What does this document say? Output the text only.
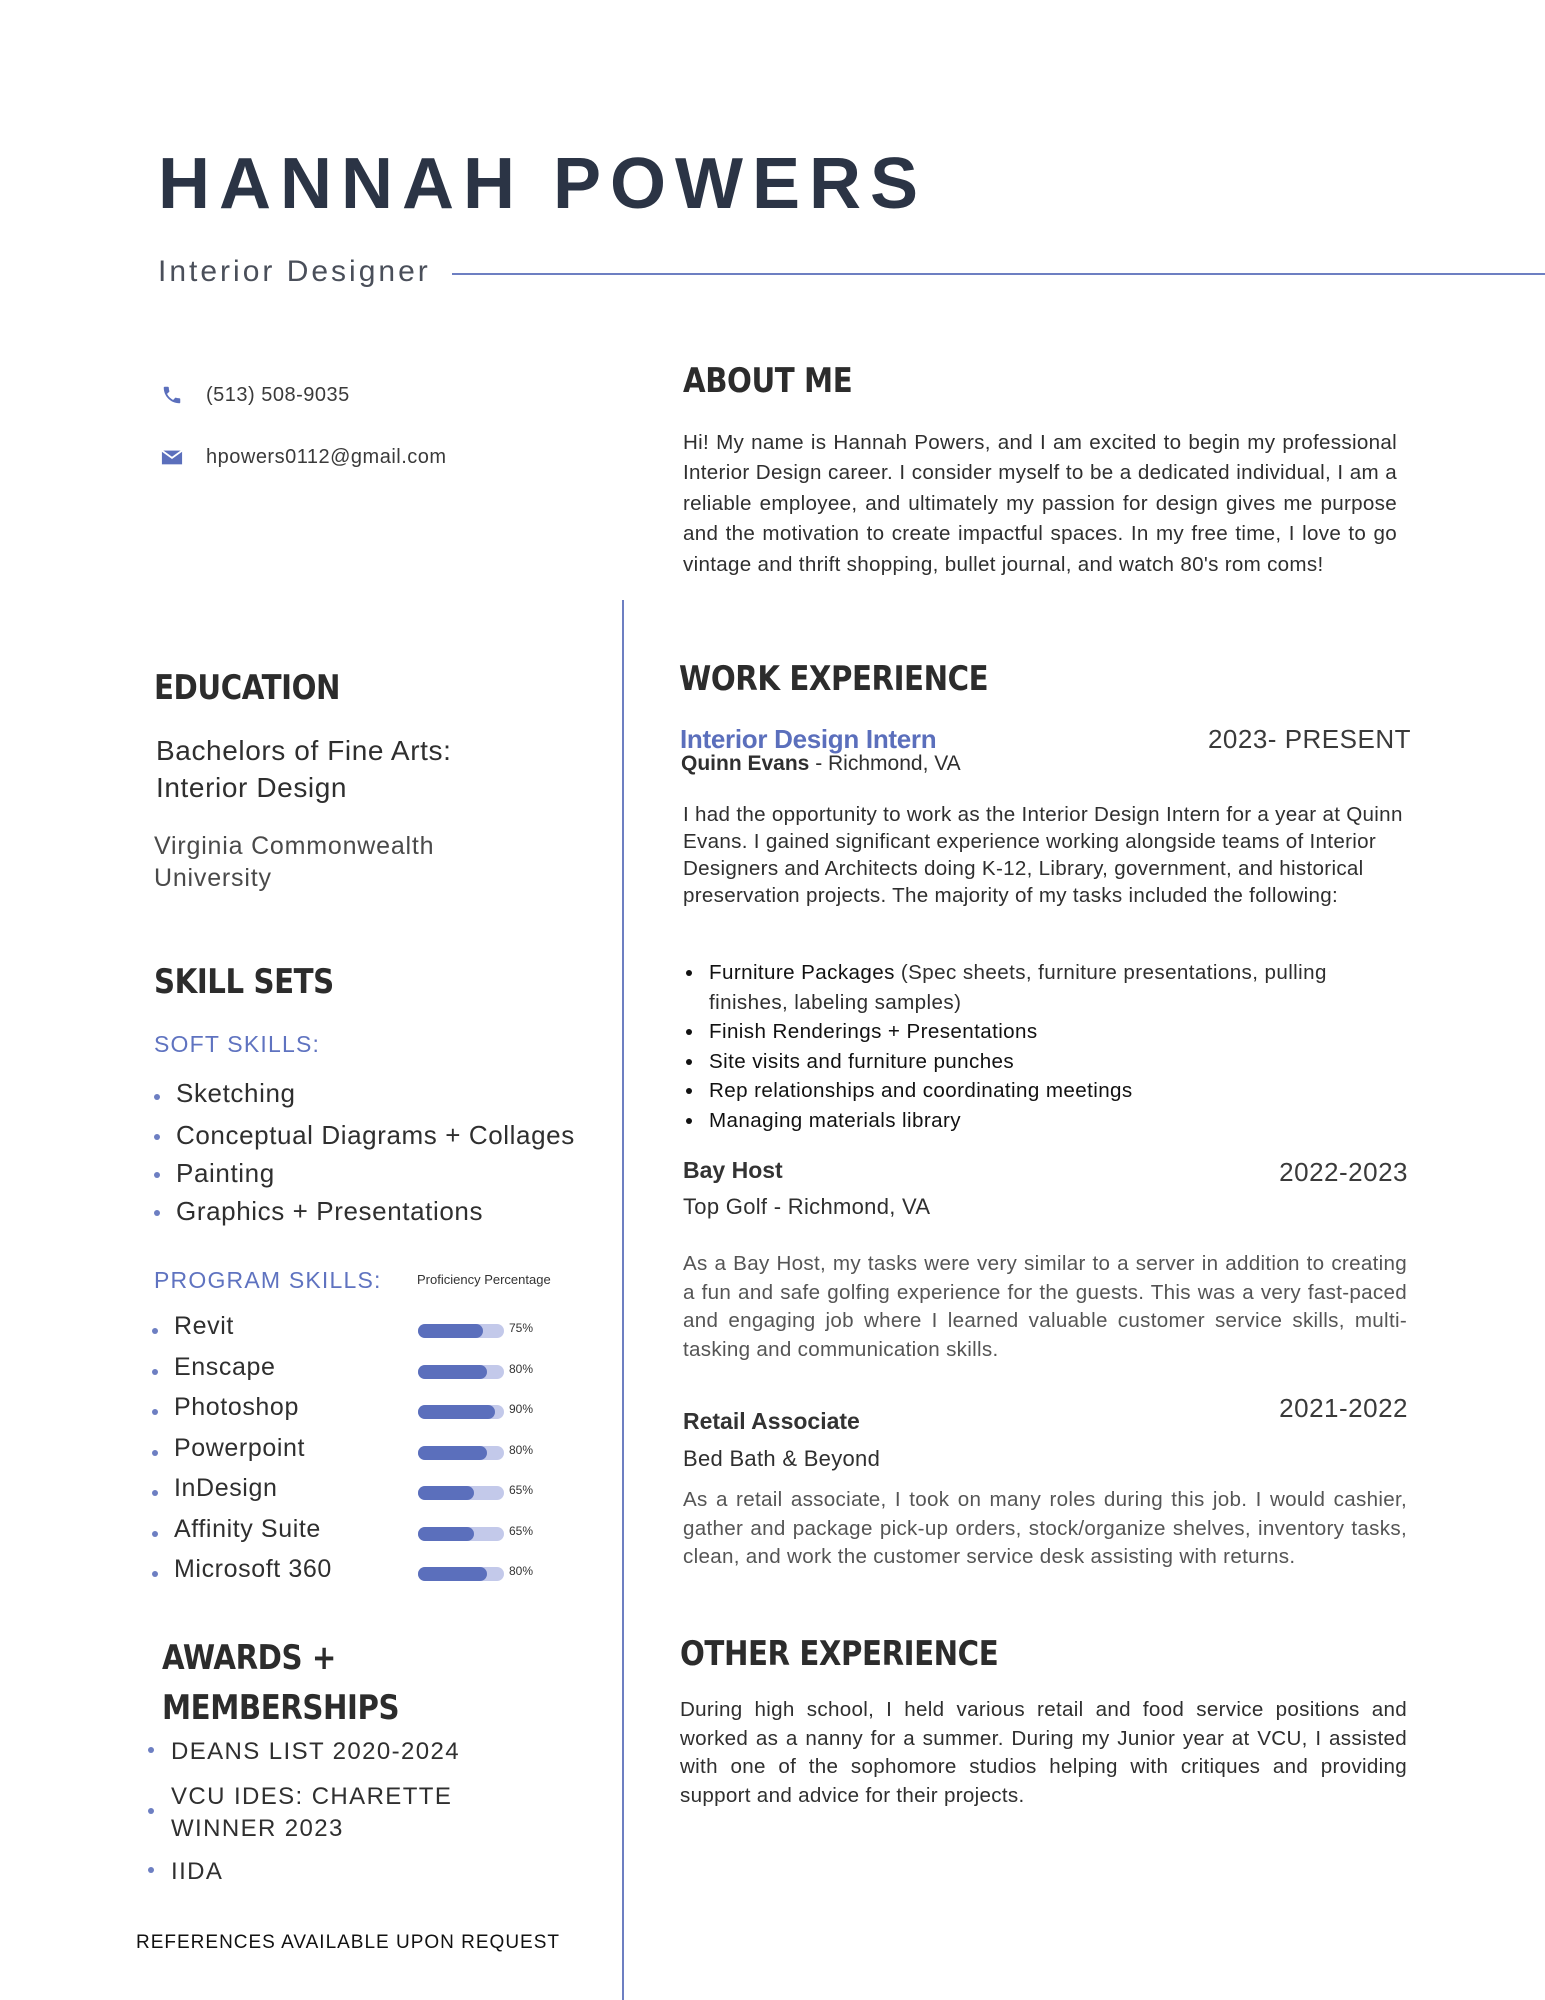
HANNAH POWERS
Interior Designer
(513) 508-9035
hpowers0112@gmail.com
EDUCATION
Bachelors of Fine Arts:
Interior Design
Virginia Commonwealth
University
SKILL SETS
SOFT SKILLS:
Sketching
Conceptual Diagrams + Collages
Painting
Graphics + Presentations
PROGRAM SKILLS:	Proficiency Percentage
Revit	75%
Enscape	80%
Photoshop	90%
Powerpoint	80%
InDesign	65%
Affinity Suite	65%
Microsoft 360	80%
AWARDS +
MEMBERSHIPS
DEANS LIST 2020-2024
VCU IDES: CHARETTE
WINNER 2023
IIDA
REFERENCES AVAILABLE UPON REQUEST
ABOUT ME

Hi! My name is Hannah Powers, and I am excited to begin my professional Interior Design career. I consider myself to be a dedicated individual, I am a reliable employee, and ultimately my passion for design gives me purpose and the motivation to create impactful spaces. In my free time, I love to go vintage and thrift shopping, bullet journal, and watch 80's rom coms!

WORK EXPERIENCE
Interior Design Intern	2023- PRESENT
Quinn Evans - Richmond, VA

I had the opportunity to work as the Interior Design Intern for a year at Quinn Evans. I gained significant experience working alongside teams of Interior Designers and Architects doing K-12, Library, government, and historical preservation projects. The majority of my tasks included the following:

Furniture Packages (Spec sheets, furniture presentations, pulling finishes, labeling samples)
Finish Renderings + Presentations
Site visits and furniture punches
Rep relationships and coordinating meetings
Managing materials library
Bay Host	2022-2023
Top Golf - Richmond, VA

As a Bay Host, my tasks were very similar to a server in addition to creating a fun and safe golfing experience for the guests. This was a very fast-paced and engaging job where I learned valuable customer service skills, multi-tasking and communication skills.

Retail Associate	2021-2022
Bed Bath & Beyond

As a retail associate, I took on many roles during this job. I would cashier, gather and package pick-up orders, stock/organize shelves, inventory tasks, clean, and work the customer service desk assisting with returns.

OTHER EXPERIENCE

During high school, I held various retail and food service positions and worked as a nanny for a summer. During my Junior year at VCU, I assisted with one of the sophomore studios helping with critiques and providing support and advice for their projects.
